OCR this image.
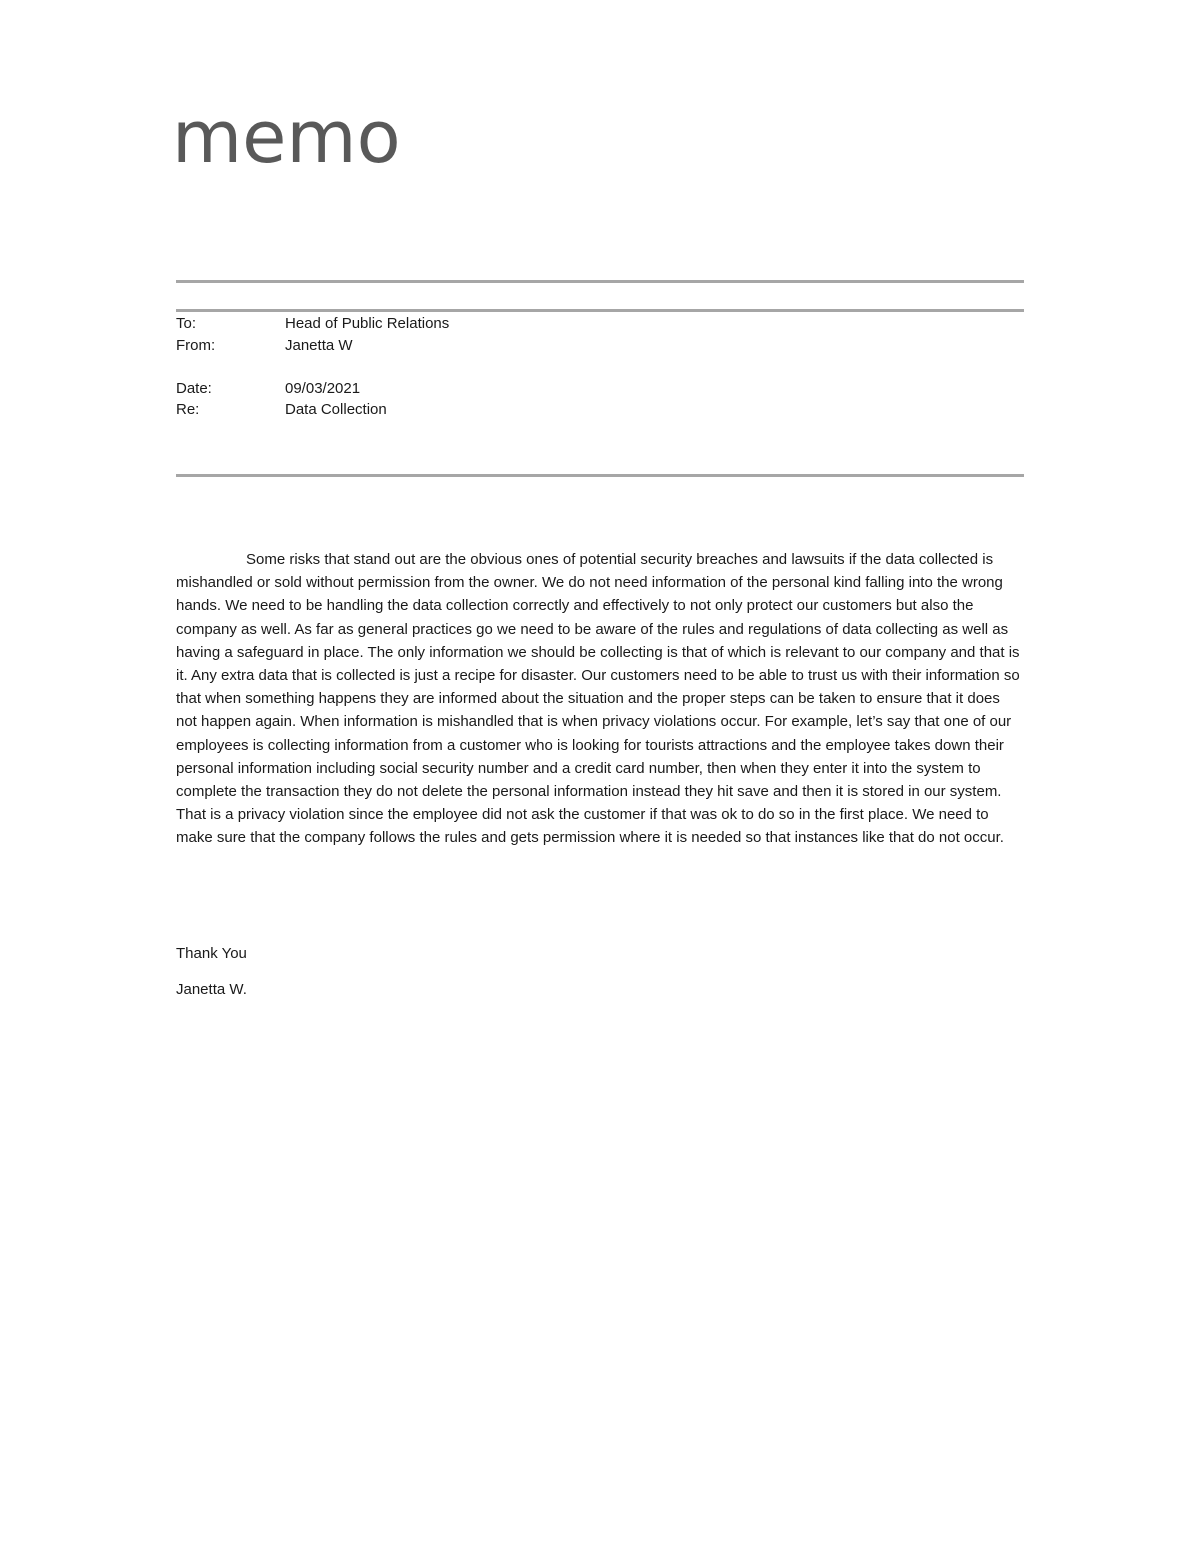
memo
To:	Head of Public Relations
From:	Janetta W
Date:	09/03/2021
Re:	Data Collection

Some risks that stand out are the obvious ones of potential security breaches and lawsuits if the data collected is mishandled or sold without permission from the owner. We do not need information of the personal kind falling into the wrong hands. We need to be handling the data collection correctly and effectively to not only protect our customers but also the company as well. As far as general practices go we need to be aware of the rules and regulations of data collecting as well as having a safeguard in place. The only information we should be collecting is that of which is relevant to our company and that is it. Any extra data that is collected is just a recipe for disaster. Our customers need to be able to trust us with their information so that when something happens they are informed about the situation and the proper steps can be taken to ensure that it does not happen again. When information is mishandled that is when privacy violations occur. For example, let’s say that one of our employees is collecting information from a customer who is looking for tourists attractions and the employee takes down their personal information including social security number and a credit card number, then when they enter it into the system to complete the transaction they do not delete the personal information instead they hit save and then it is stored in our system. That is a privacy violation since the employee did not ask the customer if that was ok to do so in the first place. We need to make sure that the company follows the rules and gets permission where it is needed so that instances like that do not occur.

Thank You
Janetta W.
